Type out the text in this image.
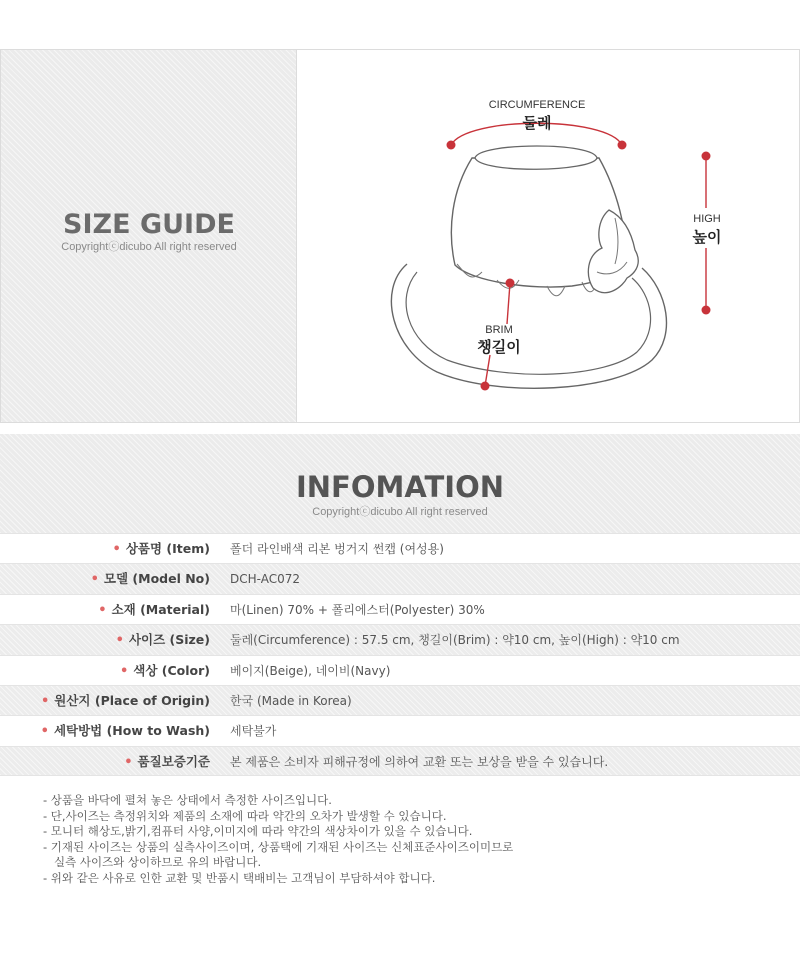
SIZE GUIDE
Copyrightⓒdicubo All right reserved
CIRCUMFERENCE
둘레
HIGH
높이
BRIM
챙길이
INFOMATION
Copyrightⓒdicubo All right reserved
• 상품명 (Item) 폴더 라인배색 리본 벙거지 썬캡 (여성용)
• 모델 (Model No) DCH-AC072
• 소재 (Material) 마(Linen) 70% + 폴리에스터(Polyester) 30%
• 사이즈 (Size) 둘레(Circumference) : 57.5 cm, 챙길이(Brim) : 약10 cm, 높이(High) : 약10 cm
• 색상 (Color) 베이지(Beige), 네이비(Navy)
• 원산지 (Place of Origin) 한국 (Made in Korea)
• 세탁방법 (How to Wash) 세탁불가
• 품질보증기준 본 제품은 소비자 피해규정에 의하여 교환 또는 보상을 받을 수 있습니다.
- 상품을 바닥에 펼쳐 놓은 상태에서 측정한 사이즈입니다.
- 단,사이즈는 측정위치와 제품의 소재에 따라 약간의 오차가 발생할 수 있습니다.
- 모니터 해상도,밝기,컴퓨터 사양,이미지에 따라 약간의 색상차이가 있을 수 있습니다.
- 기재된 사이즈는 상품의 실측사이즈이며, 상품택에 기재된 사이즈는 신체표준사이즈이미므로
실측 사이즈와 상이하므로 유의 바랍니다.
- 위와 같은 사유로 인한 교환 및 반품시 택배비는 고객님이 부담하셔야 합니다.
